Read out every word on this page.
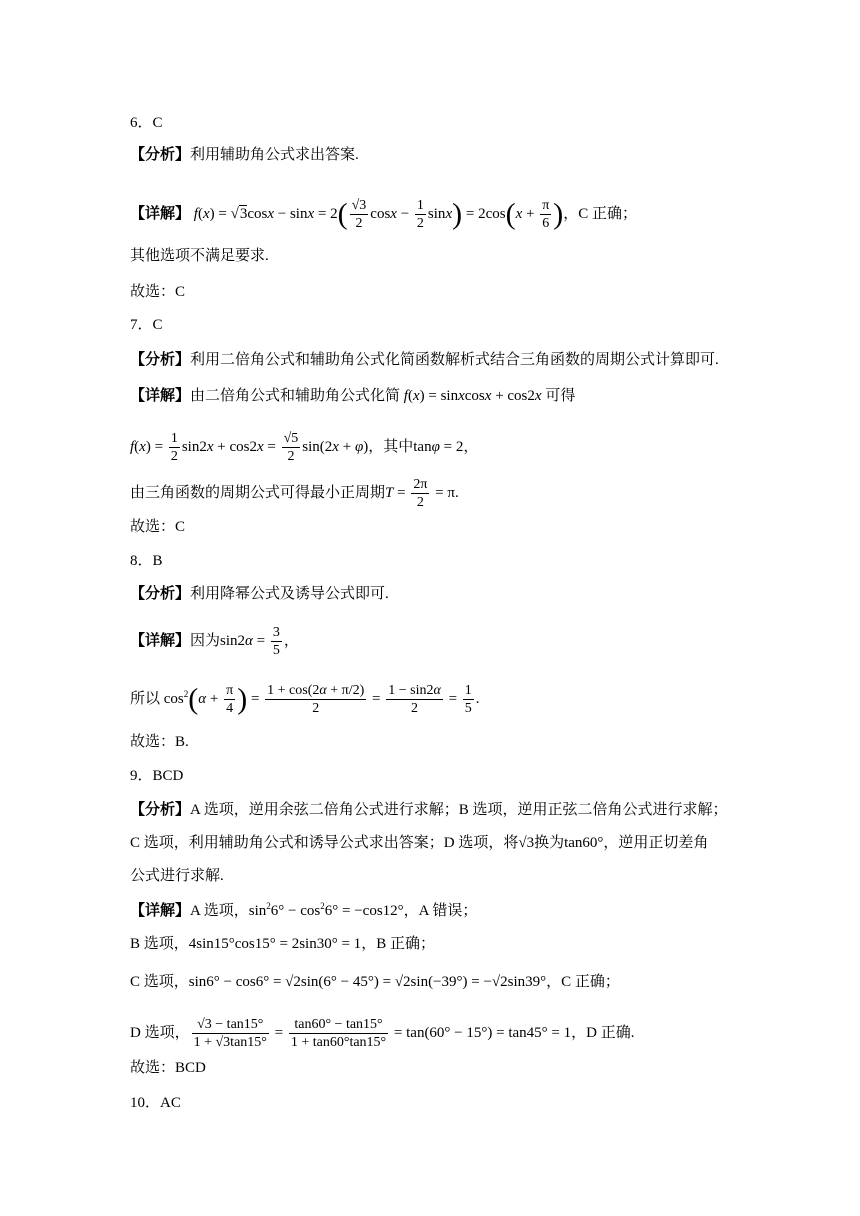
6．C
【分析】利用辅助角公式求出答案.
【详解】 $f(x) = √3\cos x - \sin x = 2( \frac{√3}{2}$ $\cos x - \frac{1}{2} \sin x) = 2\cos(x + \frac{\pi}{6}$ )，C 正确；
其他选项不满足要求.
故选：C
7．C
【分析】利用二倍角公式和辅助角公式化简函数解析式结合三角函数的周期公式计算即可.
【详解】由二倍角公式和辅助角公式化简 f(x) = sinxcosx + cos2x 可得
$f(x) = \frac{1}{2} \sin 2x + \cos 2x = \frac{√5}{2} \sin(2x + \varphi)$，其中tanφ = 2，
由三角函数的周期公式可得最小正周期$T = \frac{2\pi}{2} = \pi$.
故选：C
8．B
【分析】利用降幂公式及诱导公式即可.
【详解】因为$\sin 2\alpha = \frac{3}{5}$ ，
所以 $\cos^2(\alpha + \frac{\pi}{4}$ ) = $\frac{1 + \cos(2\alpha + \pi/2)}{2} = \frac{1 - \sin 2\alpha}{2} = \frac{1}{5}$ .
故选：B.
9．BCD
【分析】A 选项，逆用余弦二倍角公式进行求解；B 选项，逆用正弦二倍角公式进行求解；
C 选项，利用辅助角公式和诱导公式求出答案；D 选项，将√3换为tan60°，逆用正切差角
公式进行求解.
【详解】A 选项，$\sin^26^\circ - \cos^26^\circ = -\cos 12^\circ$，A 错误；
B 选项，4sin15°cos15° = 2sin30° = 1，B 正确；
C 选项，sin6° − cos6° = √2sin(6° − 45°) = √2sin(−39°) = −√2sin39°，C 正确；
D 选项， $\frac{√3 - \tan 15^\circ}{1 + √3\tan 15^\circ} = \frac{\tan 60^\circ - \tan 15^\circ}{1 + \tan 60^\circ\tan 15^\circ} = \tan(60^\circ - 15^\circ) = \tan 45^\circ = 1$，D 正确.
故选：BCD
10．AC
